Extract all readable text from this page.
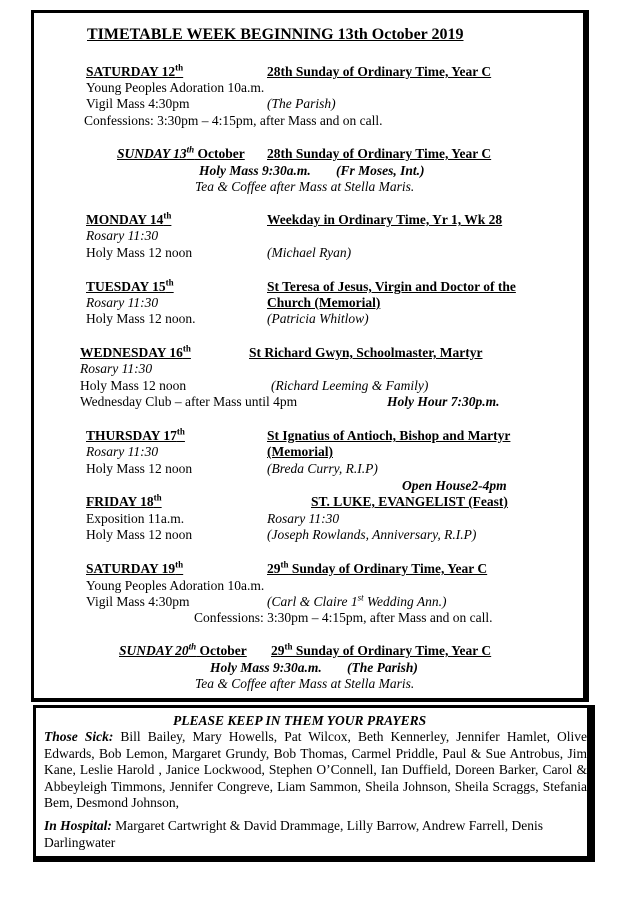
TIMETABLE WEEK BEGINNING 13th October 2019
SATURDAY 12th	28th Sunday of Ordinary Time, Year C
Young Peoples Adoration 10a.m.
Vigil Mass 4:30pm	(The Parish)
Confessions: 3:30pm – 4:15pm, after Mass and on call.
SUNDAY 13th October 28th Sunday of Ordinary Time, Year C
Holy Mass 9:30a.m. (Fr Moses, Int.)
Tea & Coffee after Mass at Stella Maris.
MONDAY 14th	Weekday in Ordinary Time, Yr 1, Wk 28
Rosary 11:30
Holy Mass 12 noon	(Michael Ryan)
TUESDAY 15th	St Teresa of Jesus, Virgin and Doctor of the
Church (Memorial)
Rosary 11:30
Holy Mass 12 noon.	(Patricia Whitlow)
WEDNESDAY 16th	St Richard Gwyn, Schoolmaster, Martyr
Rosary 11:30
Holy Mass 12 noon	(Richard Leeming & Family)
Wednesday Club – after Mass until 4pm	Holy Hour 7:30p.m.
THURSDAY 17th	St Ignatius of Antioch, Bishop and Martyr
(Memorial)
Rosary 11:30
Holy Mass 12 noon	(Breda Curry, R.I.P)
Open House2-4pm
FRIDAY 18th	ST. LUKE, EVANGELIST (Feast)
Exposition 11a.m.	Rosary 11:30
Holy Mass 12 noon	(Joseph Rowlands, Anniversary, R.I.P)
SATURDAY 19th	29th Sunday of Ordinary Time, Year C
Young Peoples Adoration 10a.m.
Vigil Mass 4:30pm	(Carl & Claire 1st Wedding Ann.)
Confessions: 3:30pm – 4:15pm, after Mass and on call.
SUNDAY 20th October 29th Sunday of Ordinary Time, Year C
Holy Mass 9:30a.m. (The Parish)
Tea & Coffee after Mass at Stella Maris.
PLEASE KEEP IN THEM YOUR PRAYERS
Those Sick: Bill Bailey, Mary Howells, Pat Wilcox, Beth Kennerley, Jennifer Hamlet, Olive Edwards, Bob Lemon, Margaret Grundy, Bob Thomas, Carmel Priddle, Paul & Sue Antrobus, Jim Kane, Leslie Harold , Janice Lockwood, Stephen O’Connell, Ian Duffield, Doreen Barker, Carol & Abbeyleigh Timmons, Jennifer Congreve, Liam Sammon, Sheila Johnson, Sheila Scraggs, Stefania Bem, Desmond Johnson,
In Hospital: Margaret Cartwright & David Drammage, Lilly Barrow, Andrew Farrell, Denis Darlingwater
